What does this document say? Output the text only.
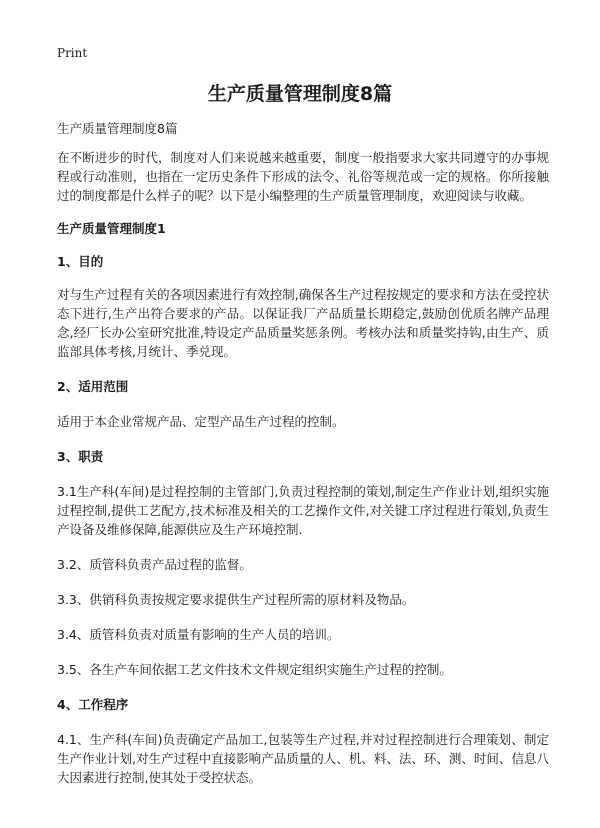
Print
生产质量管理制度8篇

生产质量管理制度8篇

在不断进步的时代，制度对人们来说越来越重要，制度一般指要求大家共同遵守的办事规程或行动准则，也指在一定历史条件下形成的法令、礼俗等规范或一定的规格。你所接触过的制度都是什么样子的呢？以下是小编整理的生产质量管理制度，欢迎阅读与收藏。

生产质量管理制度1

1、目的

对与生产过程有关的各项因素进行有效控制,确保各生产过程按规定的要求和方法在受控状态下进行,生产出符合要求的产品。以保证我厂产品质量长期稳定,鼓励创优质名牌产品理念,经厂长办公室研究批准,特设定产品质量奖惩条例。考核办法和质量奖持钩,由生产、质监部具体考核,月统计、季兑现。

2、适用范围

适用于本企业常规产品、定型产品生产过程的控制。

3、职责

3.1生产科(车间)是过程控制的主管部门,负责过程控制的策划,制定生产作业计划,组织实施过程控制,提供工艺配方,技术标准及相关的工艺操作文件,对关键工序过程进行策划,负责生产设备及维修保障,能源供应及生产环境控制.

3.2、质管科负责产品过程的监督。

3.3、供销科负责按规定要求提供生产过程所需的原材料及物品。

3.4、质管科负责对质量有影响的生产人员的培训。

3.5、各生产车间依据工艺文件技术文件规定组织实施生产过程的控制。

4、工作程序

4.1、生产科(车间)负责确定产品加工,包装等生产过程,并对过程控制进行合理策划、制定生产作业计划,对生产过程中直接影响产品质量的人、机、料、法、环、测、时间、信息八大因素进行控制,使其处于受控状态。
